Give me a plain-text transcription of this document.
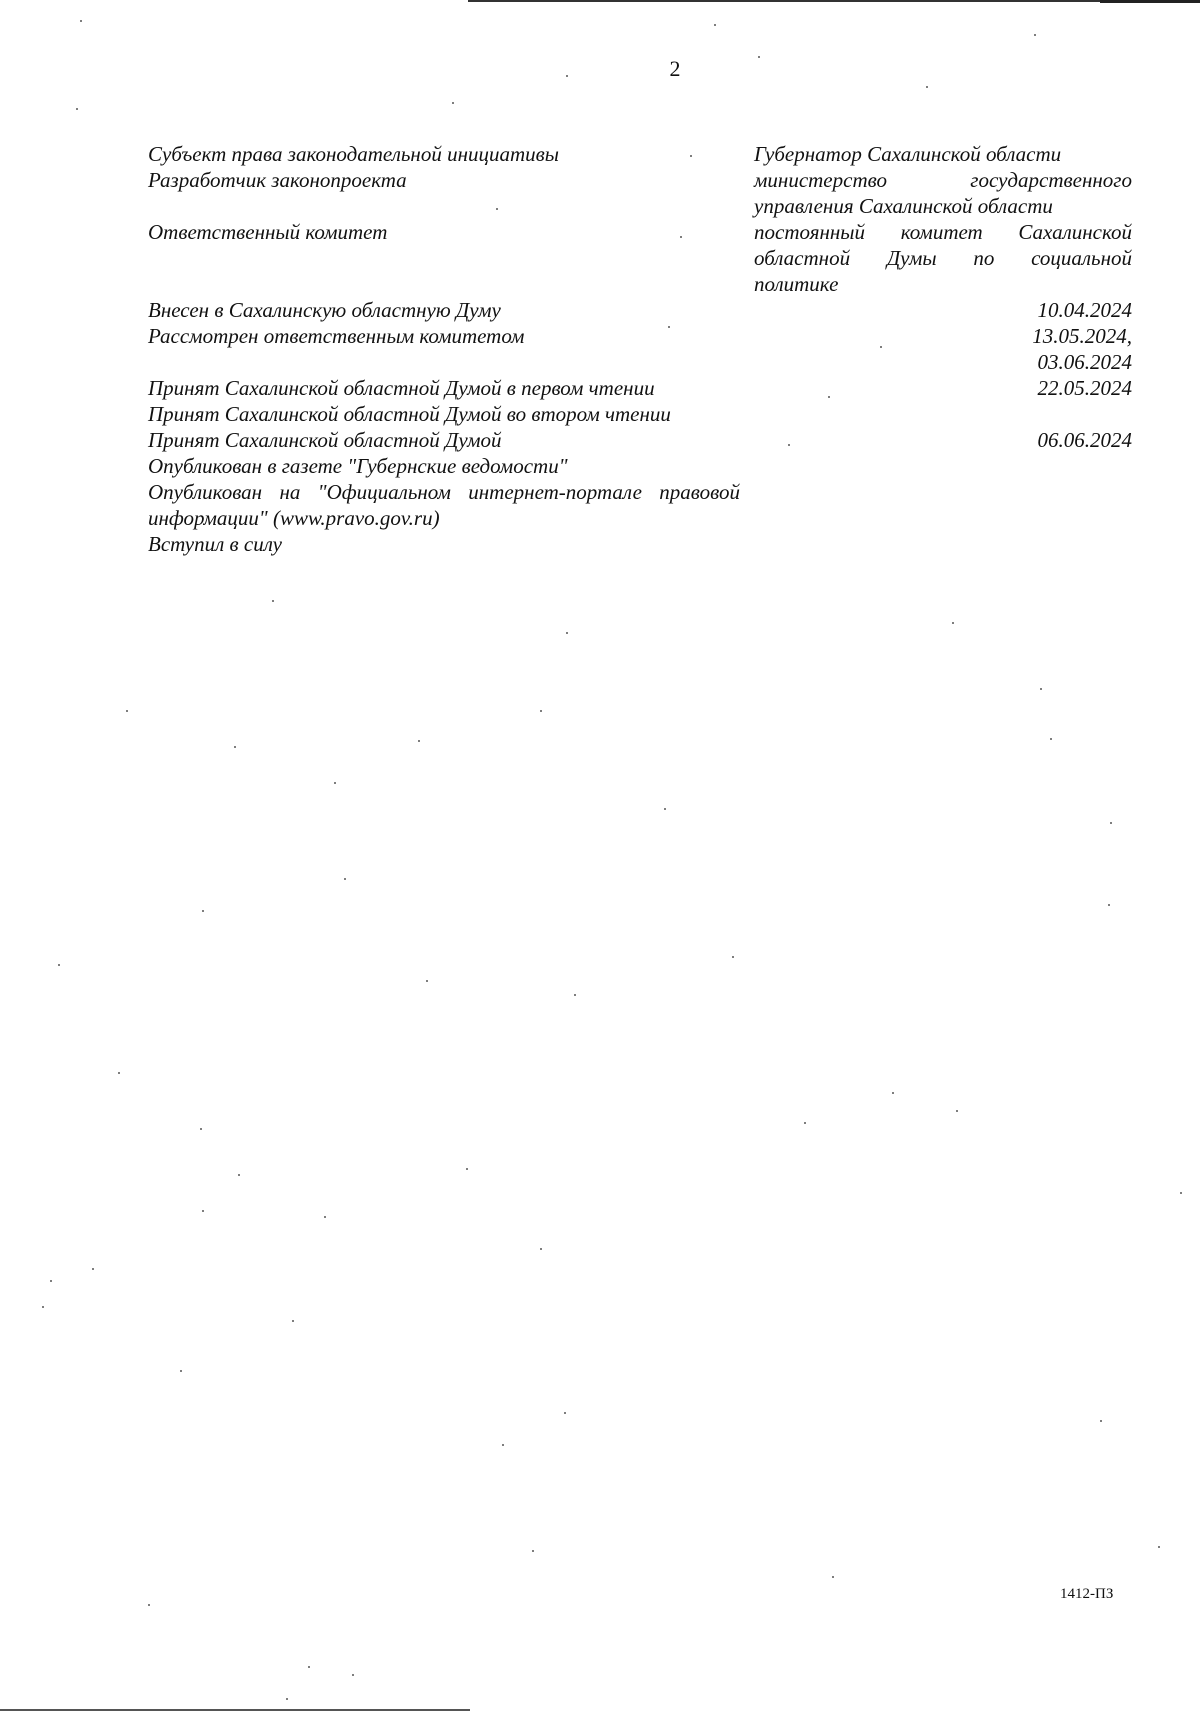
2
Субъект права законодательной инициативы	Губернатор Сахалинской области
Разработчик законопроекта	министерство государственного
управления Сахалинской области
Ответственный комитет	постоянный комитет Сахалинской
областной Думы по социальной
политике
Внесен в Сахалинскую областную Думу	10.04.2024
Рассмотрен ответственным комитетом	13.05.2024,
03.06.2024
Принят Сахалинской областной Думой в первом чтении	22.05.2024
Принят Сахалинской областной Думой во втором чтении
Принят Сахалинской областной Думой	06.06.2024
Опубликован в газете "Губернские ведомости"
Опубликован на "Официальном интернет-портале правовой информации" (www.pravo.gov.ru)
Вступил в силу
1412-ПЗ
